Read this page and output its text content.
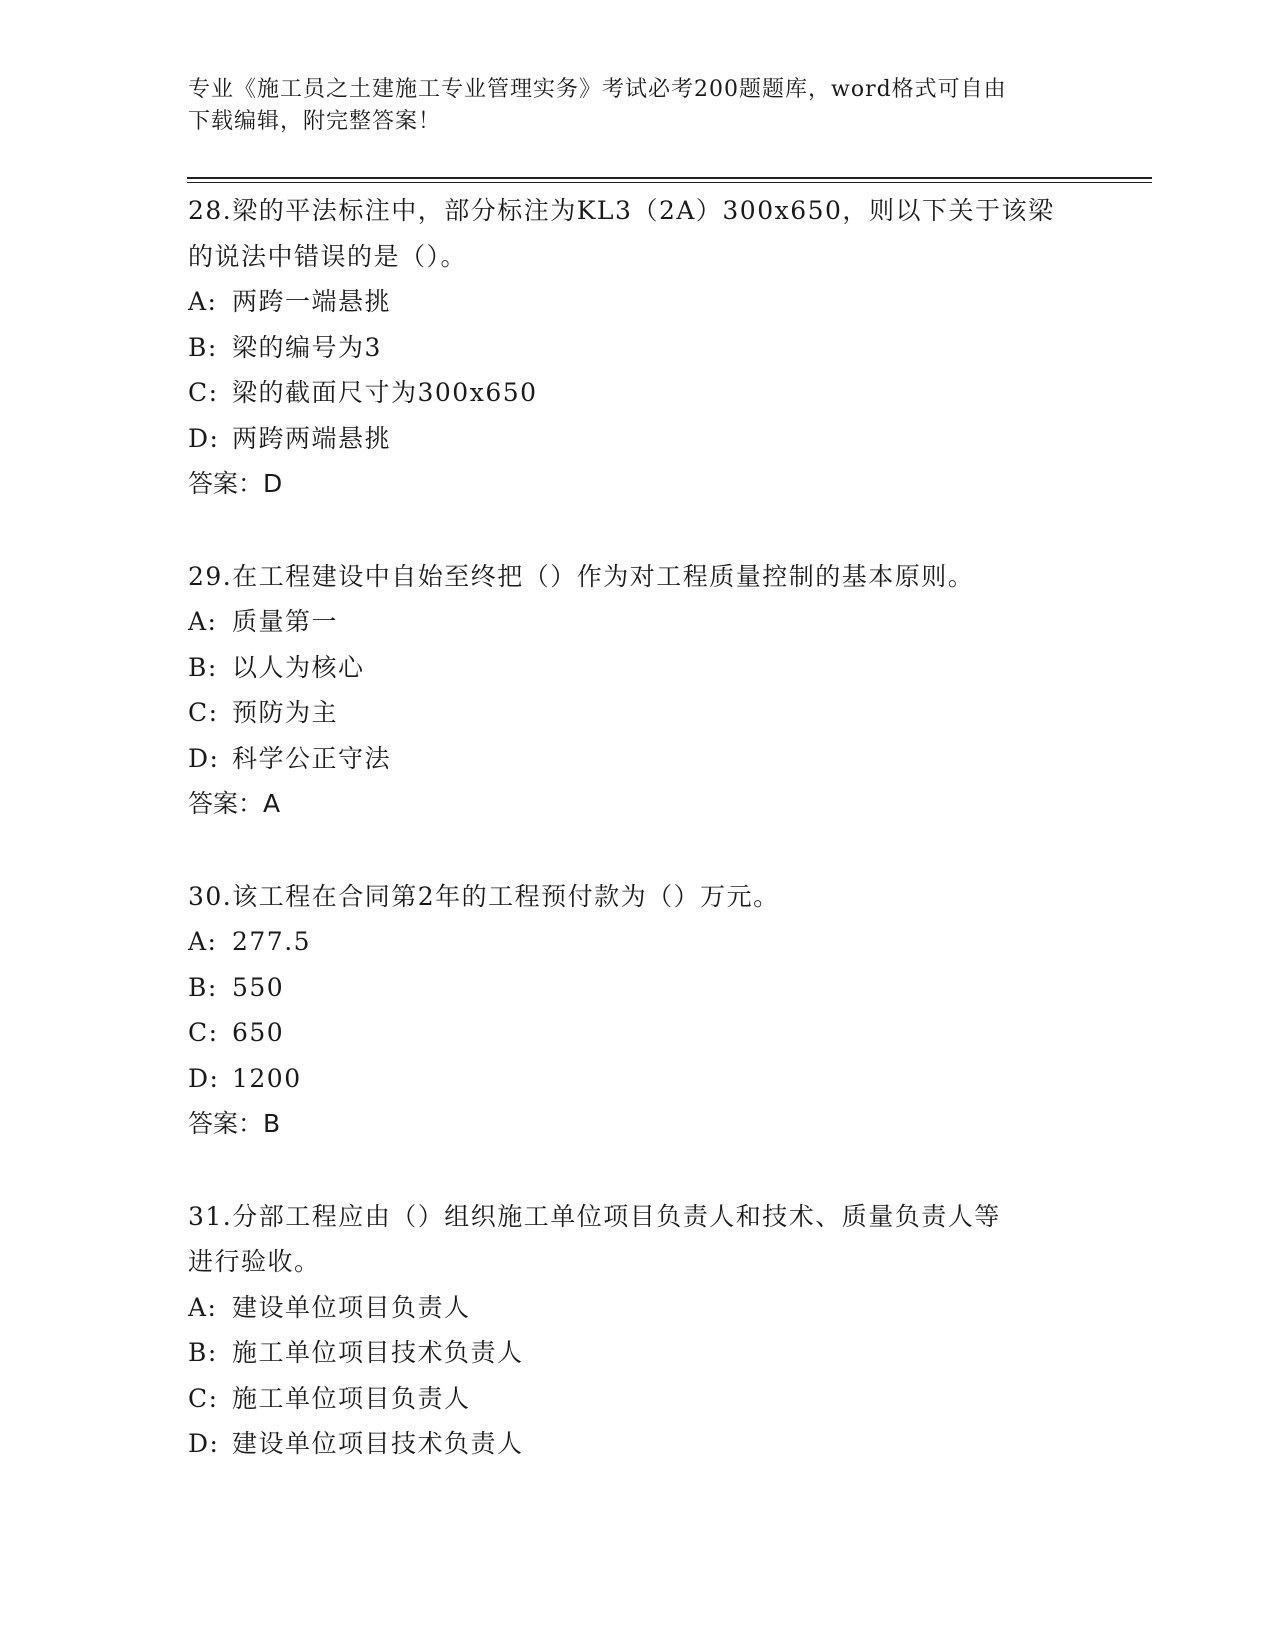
专业《施工员之土建施工专业管理实务》考试必考200题题库，word格式可自由
下载编辑，附完整答案！
28.梁的平法标注中，部分标注为KL3（2A）300x650，则以下关于该梁
的说法中错误的是（）。
A: 两跨一端悬挑
B: 梁的编号为3
C: 梁的截面尺寸为300x650
D: 两跨两端悬挑
答案：D
29.在工程建设中自始至终把（）作为对工程质量控制的基本原则。
A: 质量第一
B: 以人为核心
C: 预防为主
D: 科学公正守法
答案：A
30.该工程在合同第2年的工程预付款为（）万元。
A: 277.5
B: 550
C: 650
D: 1200
答案：B
31.分部工程应由（）组织施工单位项目负责人和技术、质量负责人等
进行验收。
A: 建设单位项目负责人
B: 施工单位项目技术负责人
C: 施工单位项目负责人
D: 建设单位项目技术负责人
